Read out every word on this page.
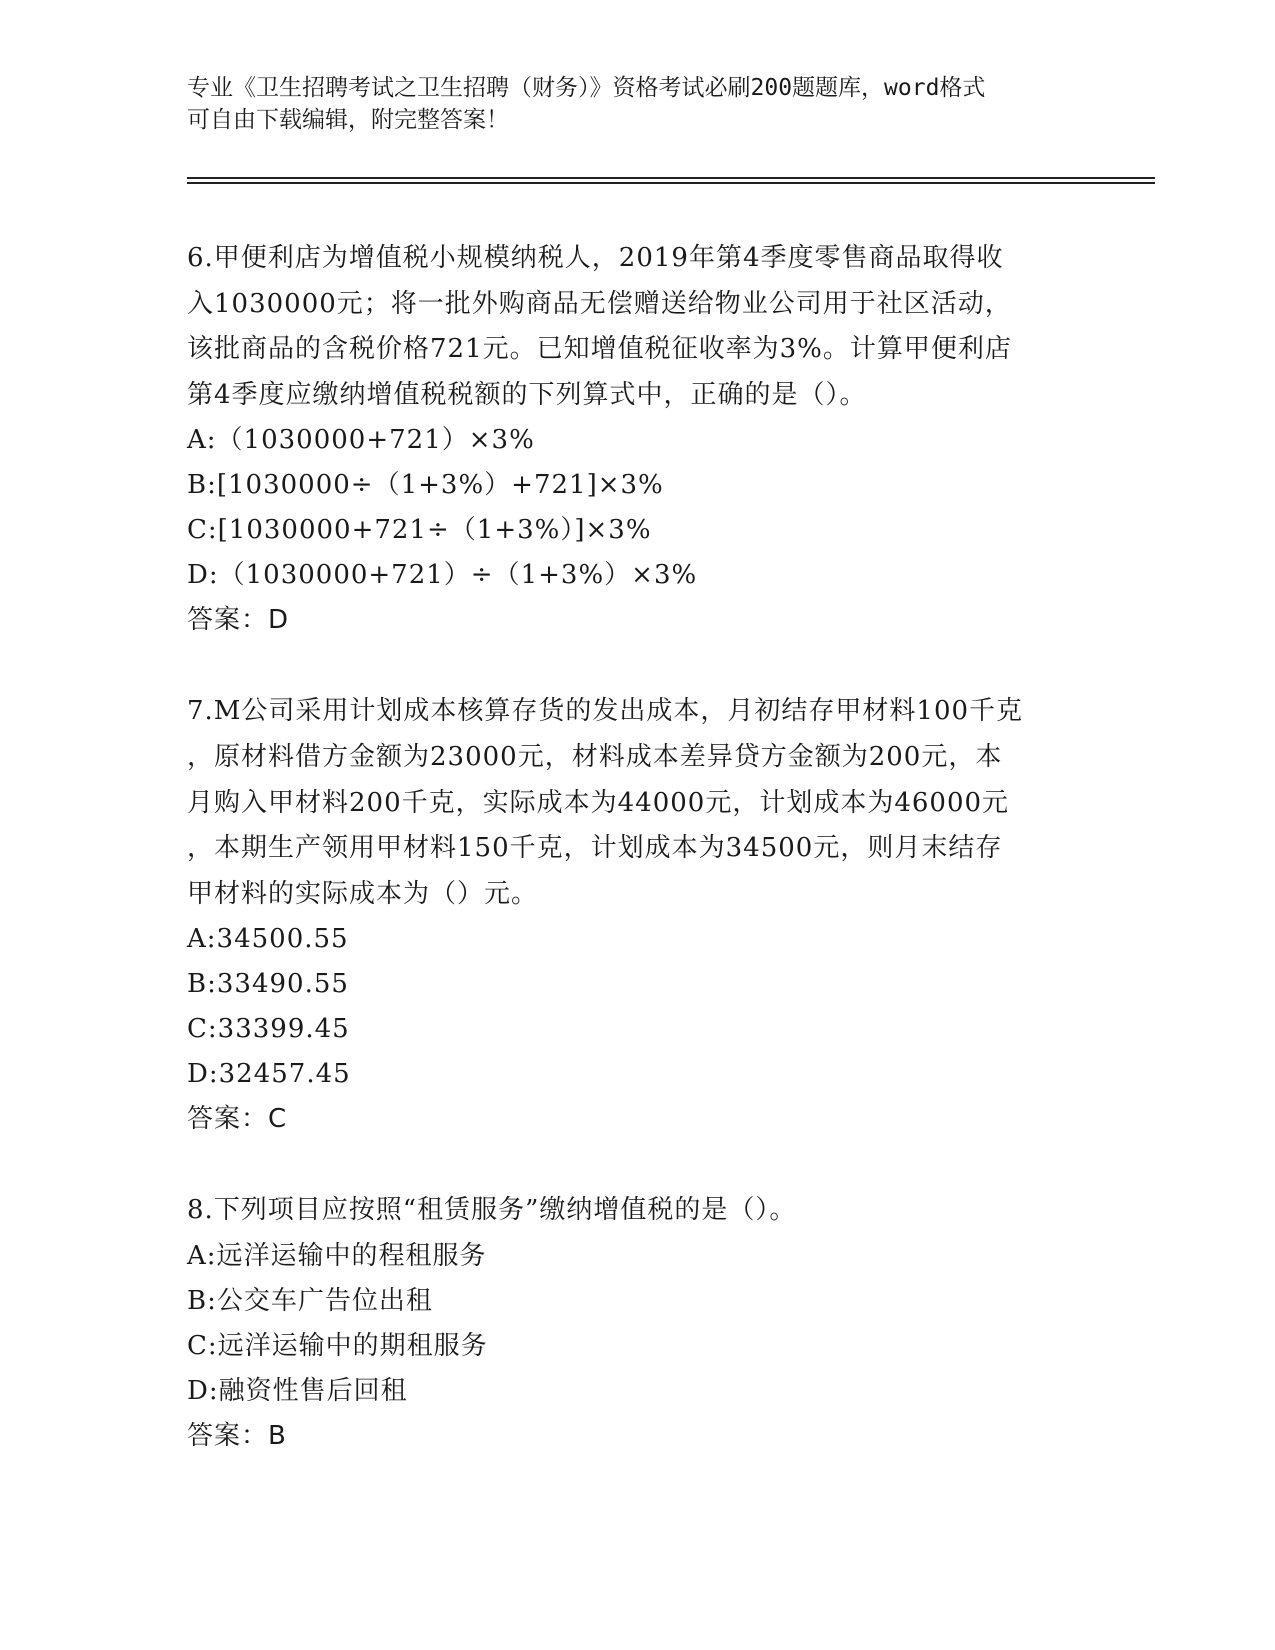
专业《卫生招聘考试之卫生招聘（财务）》资格考试必刷200题题库，word格式
可自由下载编辑，附完整答案！
6.甲便利店为增值税小规模纳税人，2019年第4季度零售商品取得收
入1030000元；将一批外购商品无偿赠送给物业公司用于社区活动，
该批商品的含税价格721元。已知增值税征收率为3%。计算甲便利店
第4季度应缴纳增值税税额的下列算式中，正确的是（）。
A:（1030000+721）×3%
B:[1030000÷（1+3%）+721]×3%
C:[1030000+721÷（1+3%）]×3%
D:（1030000+721）÷（1+3%）×3%
答案：D
7.M公司采用计划成本核算存货的发出成本，月初结存甲材料100千克
，原材料借方金额为23000元，材料成本差异贷方金额为200元，本
月购入甲材料200千克，实际成本为44000元，计划成本为46000元
，本期生产领用甲材料150千克，计划成本为34500元，则月末结存
甲材料的实际成本为（）元。
A:34500.55
B:33490.55
C:33399.45
D:32457.45
答案：C
8.下列项目应按照“租赁服务”缴纳增值税的是（）。
A:远洋运输中的程租服务
B:公交车广告位出租
C:远洋运输中的期租服务
D:融资性售后回租
答案：B
